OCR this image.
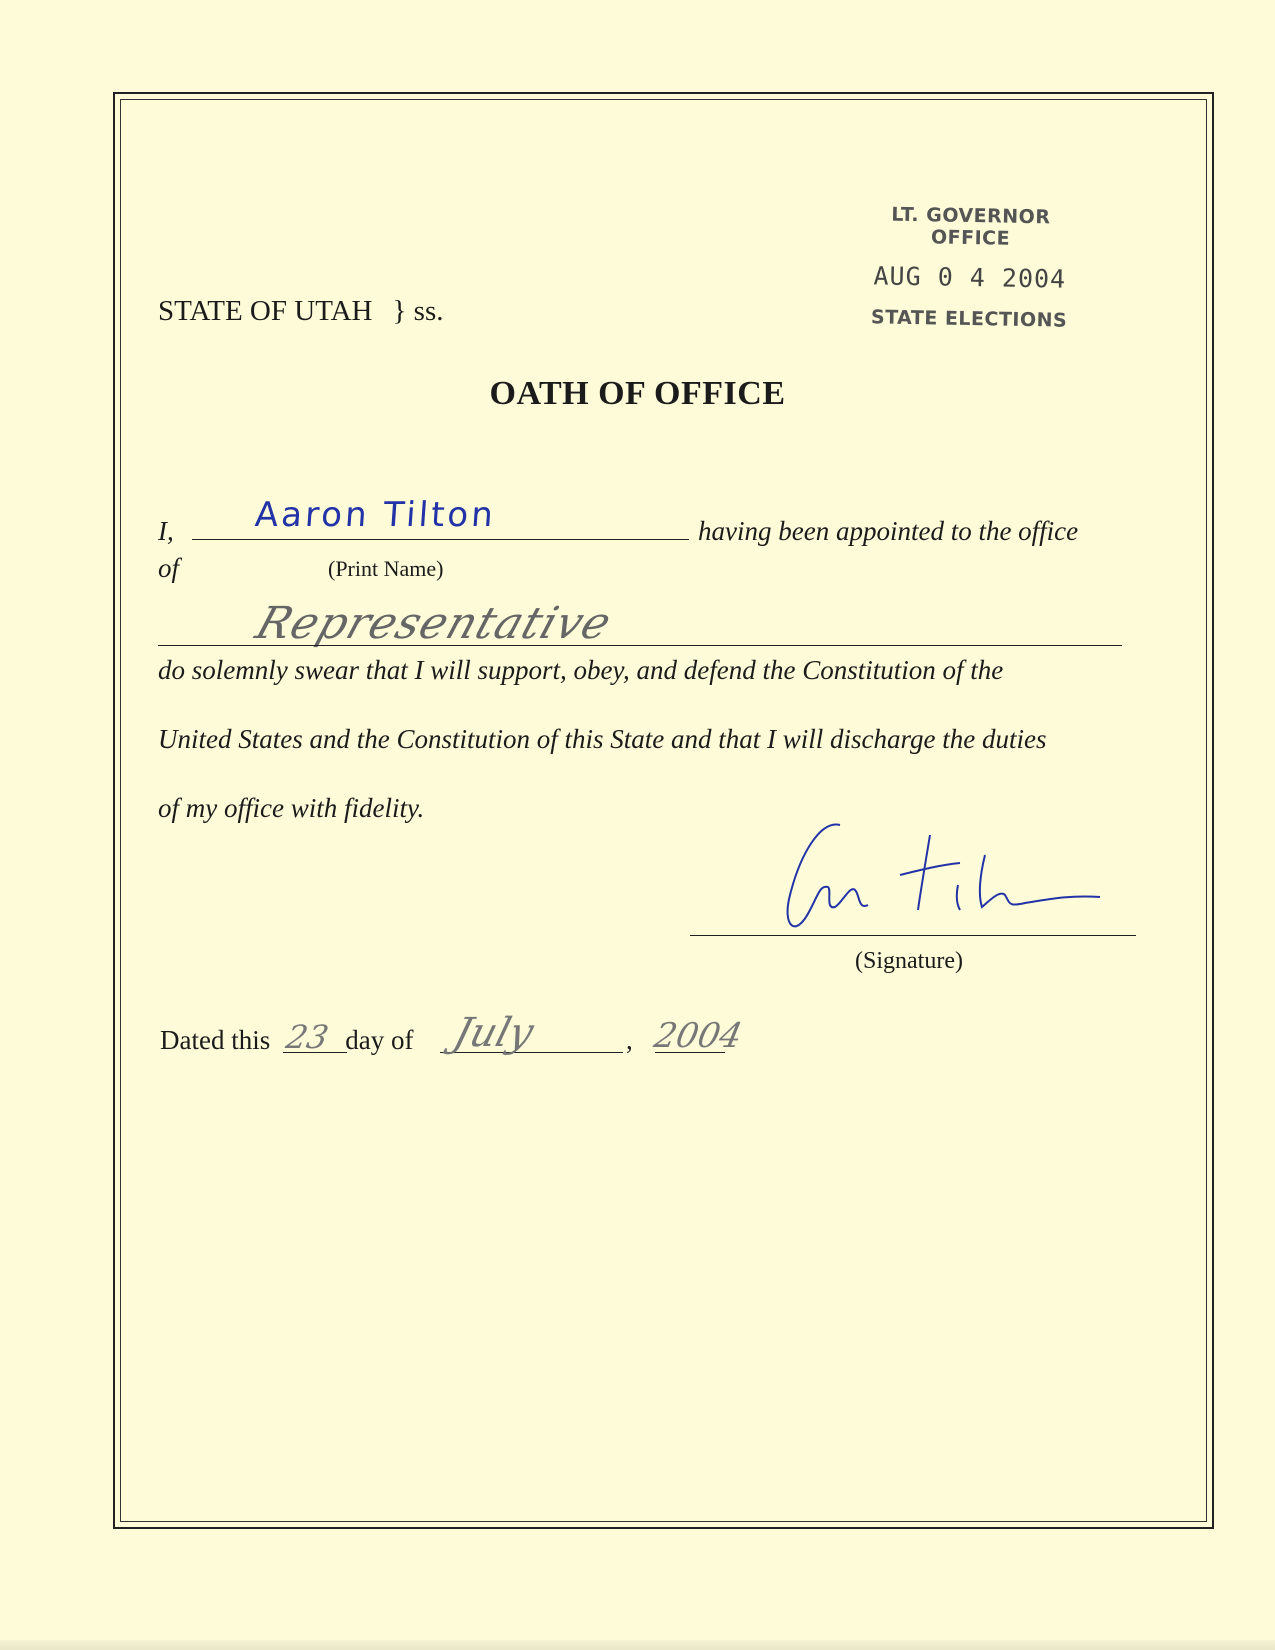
LT. GOVERNOR OFFICE
AUG 0 4 2004
STATE ELECTIONS
STATE OF UTAH } ss.
OATH OF OFFICE
I, Aaron Tilton	having been appointed to the office
of	(Print Name)
Representative
do solemnly swear that I will support, obey, and defend the Constitution of the
United States and the Constitution of this State and that I will discharge the duties
of my office with fidelity.
(Signature)
Dated this	day of
23	July	, 2004
